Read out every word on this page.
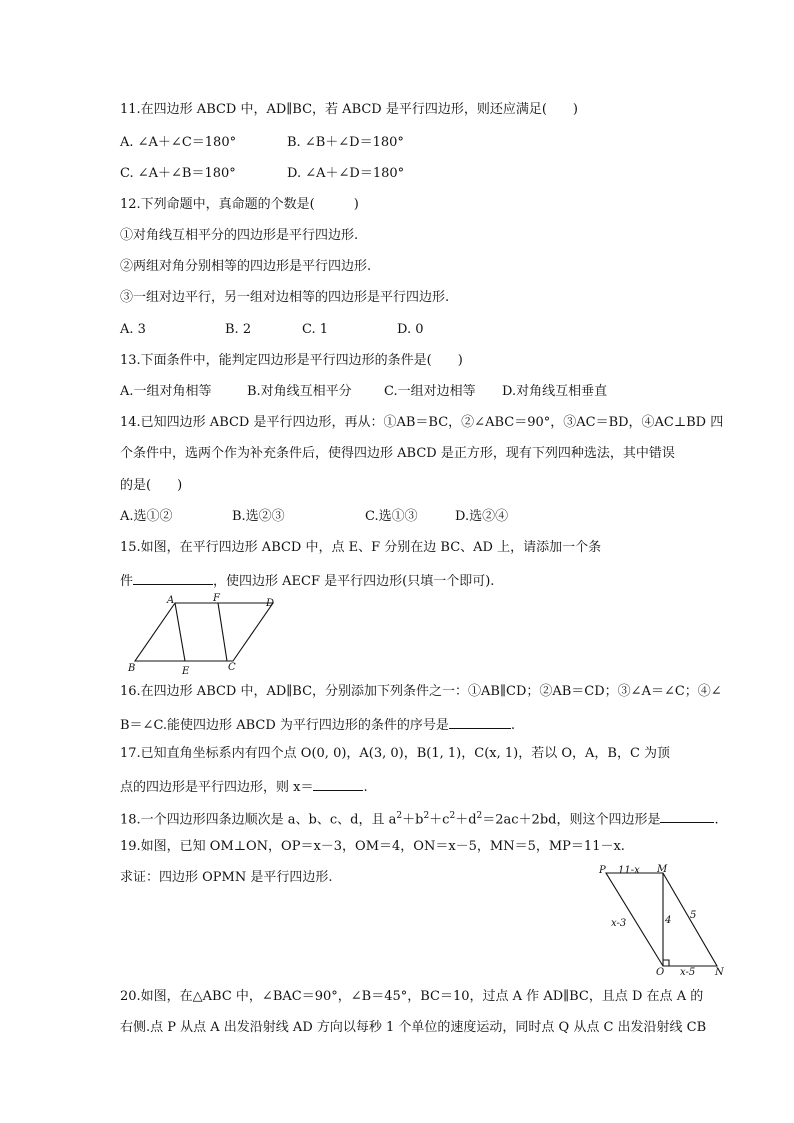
11.在四边形 ABCD 中，AD∥BC，若 ABCD 是平行四边形，则还应满足(　　)
A. ∠A＋∠C＝180°	B. ∠B＋∠D＝180°
C. ∠A＋∠B＝180°	D. ∠A＋∠D＝180°
12.下列命题中，真命题的个数是(　　　)
①对角线互相平分的四边形是平行四边形.
②两组对角分别相等的四边形是平行四边形.
③一组对边平行，另一组对边相等的四边形是平行四边形.
A. 3	B. 2	C. 1	D. 0
13.下面条件中，能判定四边形是平行四边形的条件是(　　)
A.一组对角相等	B.对角线互相平分 C.一组对边相等 D.对角线互相垂直
14.已知四边形 ABCD 是平行四边形，再从：①AB＝BC，②∠ABC＝90°，③AC＝BD，④AC⊥BD 四
个条件中，选两个作为补充条件后，使得四边形 ABCD 是正方形，现有下列四种选法，其中错误
的是(　　)
A.选①②	B.选②③	C.选①③	D.选②④
15.如图，在平行四边形 ABCD 中，点 E、F 分别在边 BC、AD 上，请添加一个条
件	，使四边形 AECF 是平行四边形(只填一个即可).
A	F	D
B	E	C
16.在四边形 ABCD 中，AD∥BC，分别添加下列条件之一：①AB∥CD；②AB＝CD；③∠A＝∠C；④∠
B＝∠C.能使四边形 ABCD 为平行四边形的条件的序号是	.
17.已知直角坐标系内有四个点 O(0, 0)，A(3, 0)，B(1, 1)，C(x, 1)，若以 O，A，B，C 为顶
点的四边形是平行四边形，则 x＝	.
18.一个四边形四条边顺次是 a、b、c、d，且 $a^2+b^2+c^2+d^2=2ac+2bd$，则这个四边形是	.
19.如图，已知 OM⊥ON，OP＝x－3，OM＝4，ON＝x－5，MN＝5，MP＝11－x.
求证：四边形 OPMN 是平行四边形.	P	M
O	N
11-x
x-3	4 5
x-5
20.如图，在△ABC 中，∠BAC＝90°，∠B＝45°，BC＝10，过点 A 作 AD∥BC，且点 D 在点 A 的
右侧.点 P 从点 A 出发沿射线 AD 方向以每秒 1 个单位的速度运动，同时点 Q 从点 C 出发沿射线 CB
